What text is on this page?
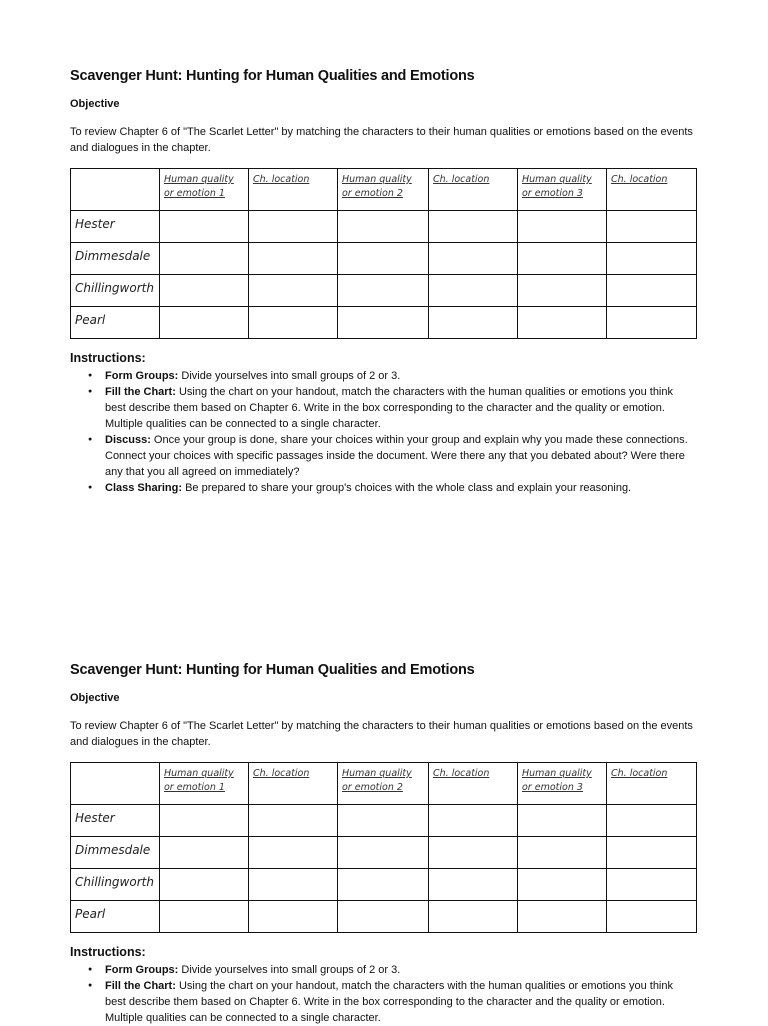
Scavenger Hunt: Hunting for Human Qualities and Emotions
Objective
To review Chapter 6 of "The Scarlet Letter" by matching the characters to their human qualities or emotions based on the events and dialogues in the chapter.

	Human quality or emotion 1	Ch. location	Human quality or emotion 2	Ch. location	Human quality or emotion 3	Ch. location

Hester						

Dimmesdale						

Chillingworth						

Pearl						

Instructions:
● Form Groups: Divide yourselves into small groups of 2 or 3.
● Fill the Chart: Using the chart on your handout, match the characters with the human qualities or emotions you think best describe them based on Chapter 6. Write in the box corresponding to the character and the quality or emotion. Multiple qualities can be connected to a single character.
● Discuss: Once your group is done, share your choices within your group and explain why you made these connections. Connect your choices with specific passages inside the document. Were there any that you debated about? Were there any that you all agreed on immediately?
● Class Sharing: Be prepared to share your group's choices with the whole class and explain your reasoning.
Scavenger Hunt: Hunting for Human Qualities and Emotions
Objective
To review Chapter 6 of "The Scarlet Letter" by matching the characters to their human qualities or emotions based on the events and dialogues in the chapter.

	Human quality or emotion 1	Ch. location	Human quality or emotion 2	Ch. location	Human quality or emotion 3	Ch. location

Hester						

Dimmesdale						

Chillingworth						

Pearl						

Instructions:
● Form Groups: Divide yourselves into small groups of 2 or 3.
● Fill the Chart: Using the chart on your handout, match the characters with the human qualities or emotions you think best describe them based on Chapter 6. Write in the box corresponding to the character and the quality or emotion. Multiple qualities can be connected to a single character.
